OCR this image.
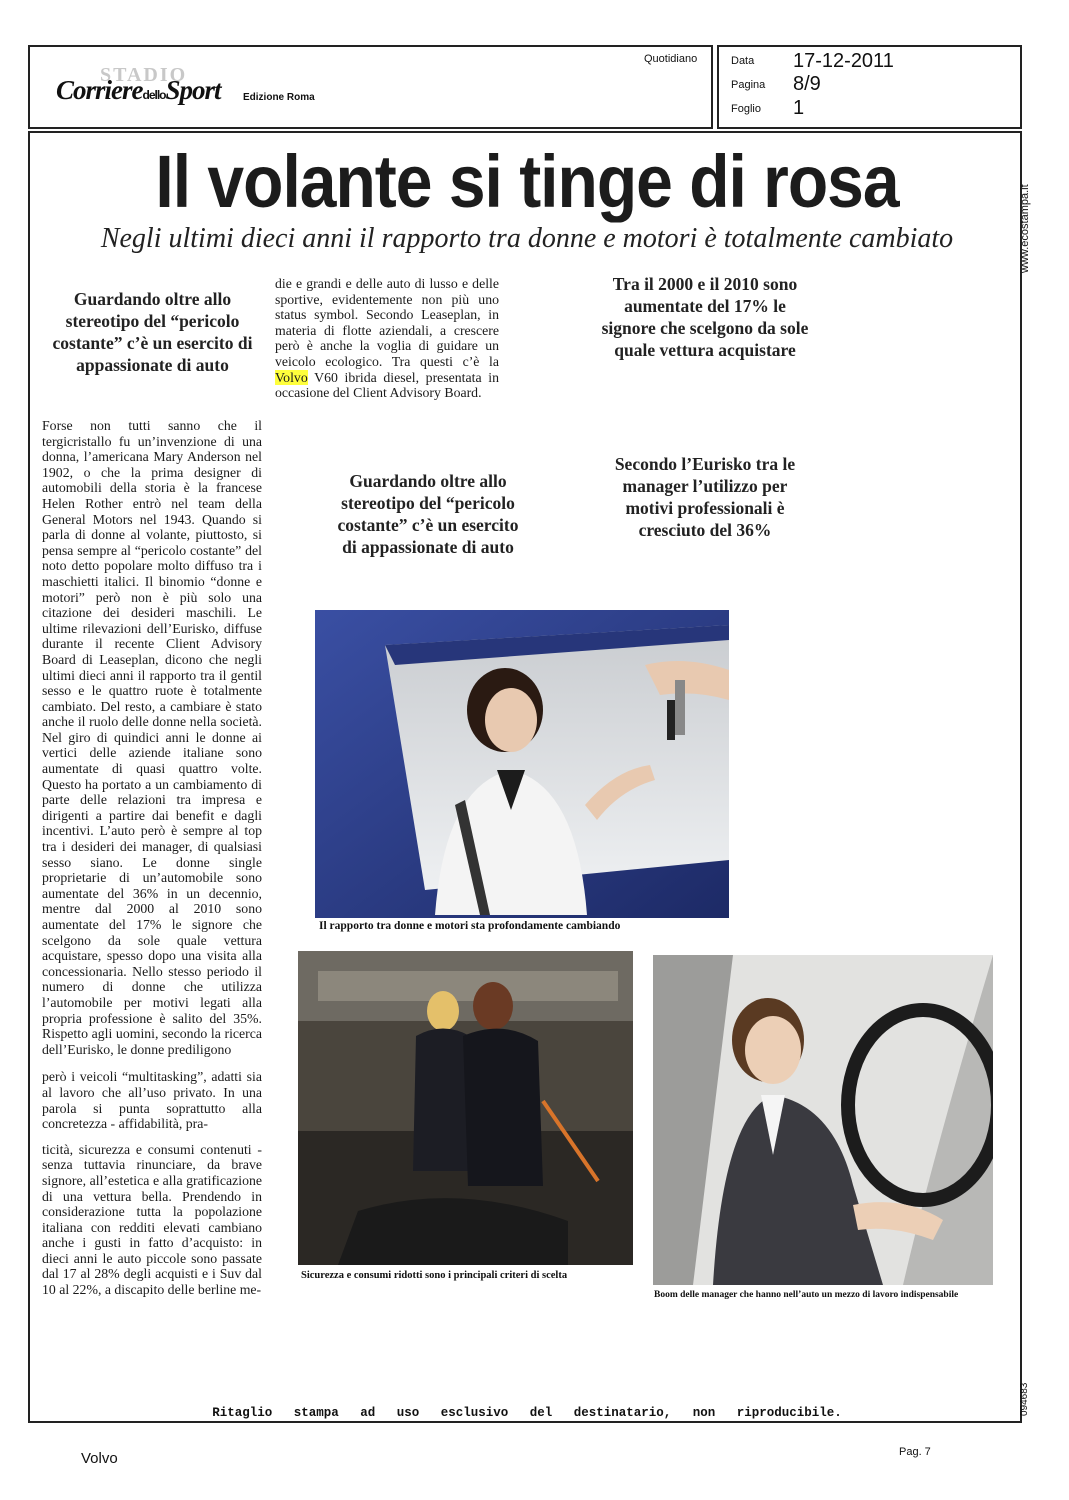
STADIO
CorrieredelloSport Edizione Roma
Quotidiano	Data 17-12-2011
Pagina 8/9
Foglio 1
Il volante si tinge di rosa
Negli ultimi dieci anni il rapporto tra donne e motori è totalmente cambiato
Guardando oltre allo stereotipo del “pericolo costante” c’è un esercito di appassionate di auto
Tra il 2000 e il 2010 sono aumentate del 17% le signore che scelgono da sole quale vettura acquistare
Guardando oltre allo stereotipo del “pericolo costante” c’è un esercito di appassionate di auto
Secondo l’Eurisko tra le manager l’utilizzo per motivi professionali è cresciuto del 36%

Forse non tutti sanno che il tergicristallo fu un’invenzione di una donna, l’americana Mary Anderson nel 1902, o che la prima designer di automobili della storia è la francese Helen Rother entrò nel team della General Motors nel 1943. Quando si parla di donne al volante, piuttosto, si pensa sempre al “pericolo costante” del noto detto popolare molto diffuso tra i maschietti italici. Il binomio “donne e motori” però non è più solo una citazione dei desideri maschili. Le ultime rilevazioni dell’Eurisko, diffuse durante il recente Client Advisory Board di Leaseplan, dicono che negli ultimi dieci anni il rapporto tra il gentil sesso e le quattro ruote è totalmente cambiato. Del resto, a cambiare è stato anche il ruolo delle donne nella società. Nel giro di quindici anni le donne ai vertici delle aziende italiane sono aumentate di quasi quattro volte. Questo ha portato a un cambiamento di parte delle relazioni tra impresa e dirigenti a partire dai benefit e dagli incentivi. L’auto però è sempre al top tra i desideri dei manager, di qualsiasi sesso siano. Le donne single proprietarie di un’automobile sono aumentate del 36% in un decennio, mentre dal 2000 al 2010 sono aumentate del 17% le signore che scelgono da sole quale vettura acquistare, spesso dopo una visita alla concessionaria. Nello stesso periodo il numero di donne che utilizza l’automobile per motivi legati alla propria professione è salito del 35%. Rispetto agli uomini, secondo la ricerca dell’Eurisko, le donne prediligono

però i veicoli “multitasking”, adatti sia al lavoro che all’uso privato. In una parola si punta soprattutto alla concretezza - affidabilità, pra-

ticità, sicurezza e consumi contenuti - senza tuttavia rinunciare, da brave signore, all’estetica e alla gratificazione di una vettura bella. Prendendo in considerazione tutta la popolazione italiana con redditi elevati cambiano anche i gusti in fatto d’acquisto: in dieci anni le auto piccole sono passate dal 17 al 28% degli acquisti e i Suv dal 10 al 22%, a discapito delle berline me-

die e grandi e delle auto di lusso e delle sportive, evidentemente non più uno status symbol. Secondo Leaseplan, in materia di flotte aziendali, a crescere però è anche la voglia di guidare un veicolo ecologico. Tra questi c’è la Volvo V60 ibrida diesel, presentata in occasione del Client Advisory Board.

Il rapporto tra donne e motori sta profondamente cambiando
Sicurezza e consumi ridotti sono i principali criteri di scelta
Boom delle manager che hanno nell’auto un mezzo di lavoro indispensabile
Ritaglio stampa ad uso esclusivo del destinatario, non riproducibile.
www.ecostampa.it
094683
Volvo	Pag. 7
